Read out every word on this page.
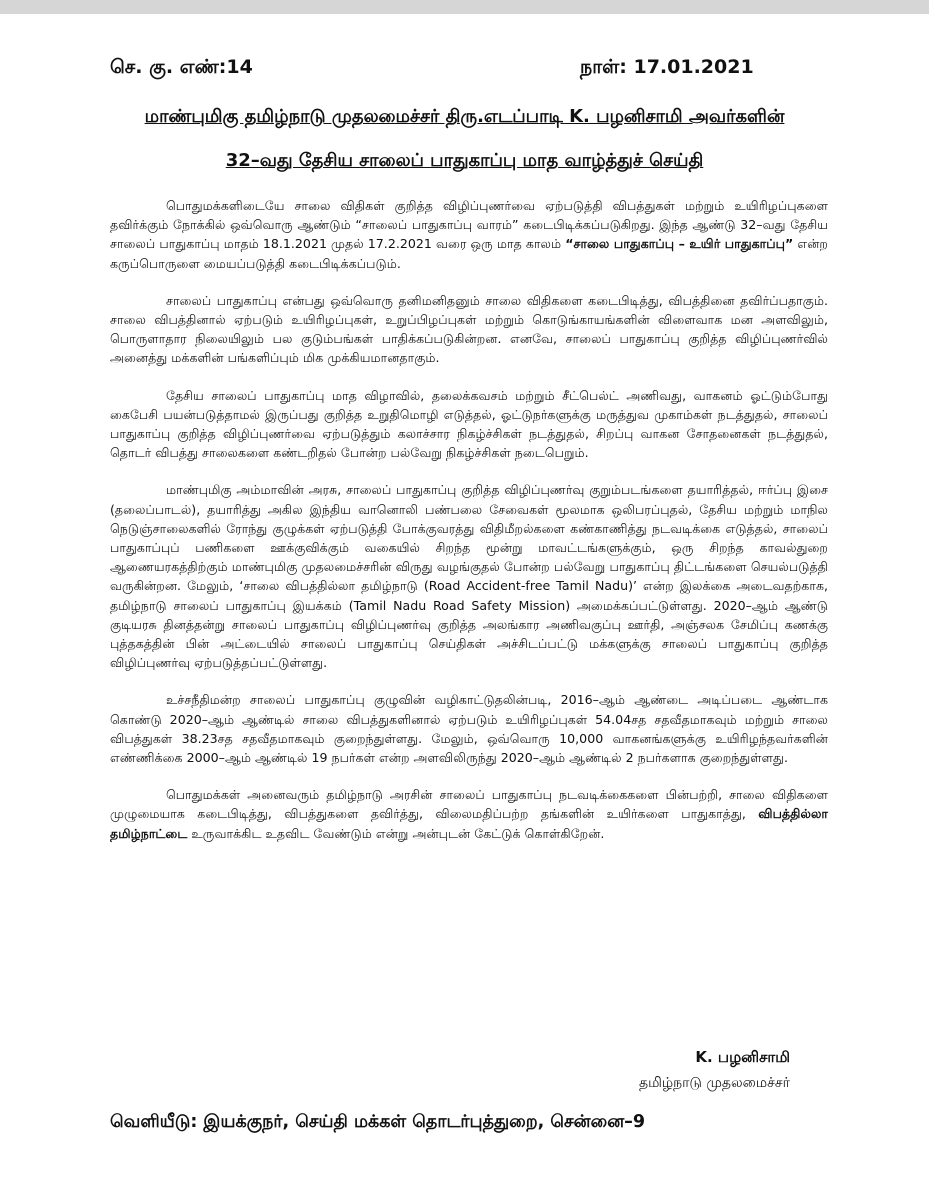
செ. கு. எண்:14	நாள்: 17.01.2021
மாண்புமிகு தமிழ்நாடு முதலமைச்சர் திரு.எடப்பாடி K. பழனிசாமி அவர்களின்
32–வது தேசிய சாலைப் பாதுகாப்பு மாத வாழ்த்துச் செய்தி

பொதுமக்களிடையே சாலை விதிகள் குறித்த விழிப்புணர்வை ஏற்படுத்தி விபத்துகள் மற்றும் உயிரிழப்புகளை தவிர்க்கும் நோக்கில் ஒவ்வொரு ஆண்டும் “சாலைப் பாதுகாப்பு வாரம்” கடைபிடிக்கப்படுகிறது. இந்த ஆண்டு 32–வது தேசிய சாலைப் பாதுகாப்பு மாதம் 18.1.2021 முதல் 17.2.2021 வரை ஒரு மாத காலம் “சாலை பாதுகாப்பு – உயிர் பாதுகாப்பு” என்ற கருப்பொருளை மையப்படுத்தி கடைபிடிக்கப்படும்.

சாலைப் பாதுகாப்பு என்பது ஒவ்வொரு தனிமனிதனும் சாலை விதிகளை கடைபிடித்து, விபத்தினை தவிர்ப்பதாகும். சாலை விபத்தினால் ஏற்படும் உயிரிழப்புகள், உறுப்பிழப்புகள் மற்றும் கொடுங்காயங்களின் விளைவாக மன அளவிலும், பொருளாதார நிலையிலும் பல குடும்பங்கள் பாதிக்கப்படுகின்றன. எனவே, சாலைப் பாதுகாப்பு குறித்த விழிப்புணர்வில் அனைத்து மக்களின் பங்களிப்பும் மிக முக்கியமானதாகும்.

தேசிய சாலைப் பாதுகாப்பு மாத விழாவில், தலைக்கவசம் மற்றும் சீட்பெல்ட் அணிவது, வாகனம் ஓட்டும்போது கைபேசி பயன்படுத்தாமல் இருப்பது குறித்த உறுதிமொழி எடுத்தல், ஓட்டுநர்களுக்கு மருத்துவ முகாம்கள் நடத்துதல், சாலைப் பாதுகாப்பு குறித்த விழிப்புணர்வை ஏற்படுத்தும் கலாச்சார நிகழ்ச்சிகள் நடத்துதல், சிறப்பு வாகன சோதனைகள் நடத்துதல், தொடர் விபத்து சாலைகளை கண்டறிதல் போன்ற பல்வேறு நிகழ்ச்சிகள் நடைபெறும்.

மாண்புமிகு அம்மாவின் அரசு, சாலைப் பாதுகாப்பு குறித்த விழிப்புணர்வு குறும்படங்களை தயாரித்தல், ஈர்ப்பு இசை (தலைப்பாடல்), தயாரித்து அகில இந்திய வானொலி பண்பலை சேவைகள் மூலமாக ஒலிபரப்புதல், தேசிய மற்றும் மாநில நெடுஞ்சாலைகளில் ரோந்து குழுக்கள் ஏற்படுத்தி போக்குவரத்து விதிமீறல்களை கண்காணித்து நடவடிக்கை எடுத்தல், சாலைப் பாதுகாப்புப் பணிகளை ஊக்குவிக்கும் வகையில் சிறந்த மூன்று மாவட்டங்களுக்கும், ஒரு சிறந்த காவல்துறை ஆணையரகத்திற்கும் மாண்புமிகு முதலமைச்சரின் விருது வழங்குதல் போன்ற பல்வேறு பாதுகாப்பு திட்டங்களை செயல்படுத்தி வருகின்றன. மேலும், ‘சாலை விபத்தில்லா தமிழ்நாடு (Road Accident-free Tamil Nadu)’ என்ற இலக்கை அடைவதற்காக, தமிழ்நாடு சாலைப் பாதுகாப்பு இயக்கம் (Tamil Nadu Road Safety Mission) அமைக்கப்பட்டுள்ளது. 2020–ஆம் ஆண்டு குடியரசு தினத்தன்று சாலைப் பாதுகாப்பு விழிப்புணர்வு குறித்த அலங்கார அணிவகுப்பு ஊர்தி, அஞ்சலக சேமிப்பு கணக்கு புத்தகத்தின் பின் அட்டையில் சாலைப் பாதுகாப்பு செய்திகள் அச்சிடப்பட்டு மக்களுக்கு சாலைப் பாதுகாப்பு குறித்த விழிப்புணர்வு ஏற்படுத்தப்பட்டுள்ளது.

உச்சநீதிமன்ற சாலைப் பாதுகாப்பு குழுவின் வழிகாட்டுதலின்படி, 2016–ஆம் ஆண்டை அடிப்படை ஆண்டாக கொண்டு 2020–ஆம் ஆண்டில் சாலை விபத்துகளினால் ஏற்படும் உயிரிழப்புகள் 54.04சத சதவீதமாகவும் மற்றும் சாலை விபத்துகள் 38.23சத சதவீதமாகவும் குறைந்துள்ளது. மேலும், ஒவ்வொரு 10,000 வாகனங்களுக்கு உயிரிழந்தவர்களின் எண்ணிக்கை 2000–ஆம் ஆண்டில் 19 நபர்கள் என்ற அளவிலிருந்து 2020–ஆம் ஆண்டில் 2 நபர்களாக குறைந்துள்ளது.

பொதுமக்கள் அனைவரும் தமிழ்நாடு அரசின் சாலைப் பாதுகாப்பு நடவடிக்கைகளை பின்பற்றி, சாலை விதிகளை முழுமையாக கடைபிடித்து, விபத்துகளை தவிர்த்து, விலைமதிப்பற்ற தங்களின் உயிர்களை பாதுகாத்து, விபத்தில்லா தமிழ்நாட்டை உருவாக்கிட உதவிட வேண்டும் என்று அன்புடன் கேட்டுக் கொள்கிறேன்.

K. பழனிசாமி
தமிழ்நாடு முதலமைச்சர்
வெளியீடு: இயக்குநர், செய்தி மக்கள் தொடர்புத்துறை, சென்னை–9
